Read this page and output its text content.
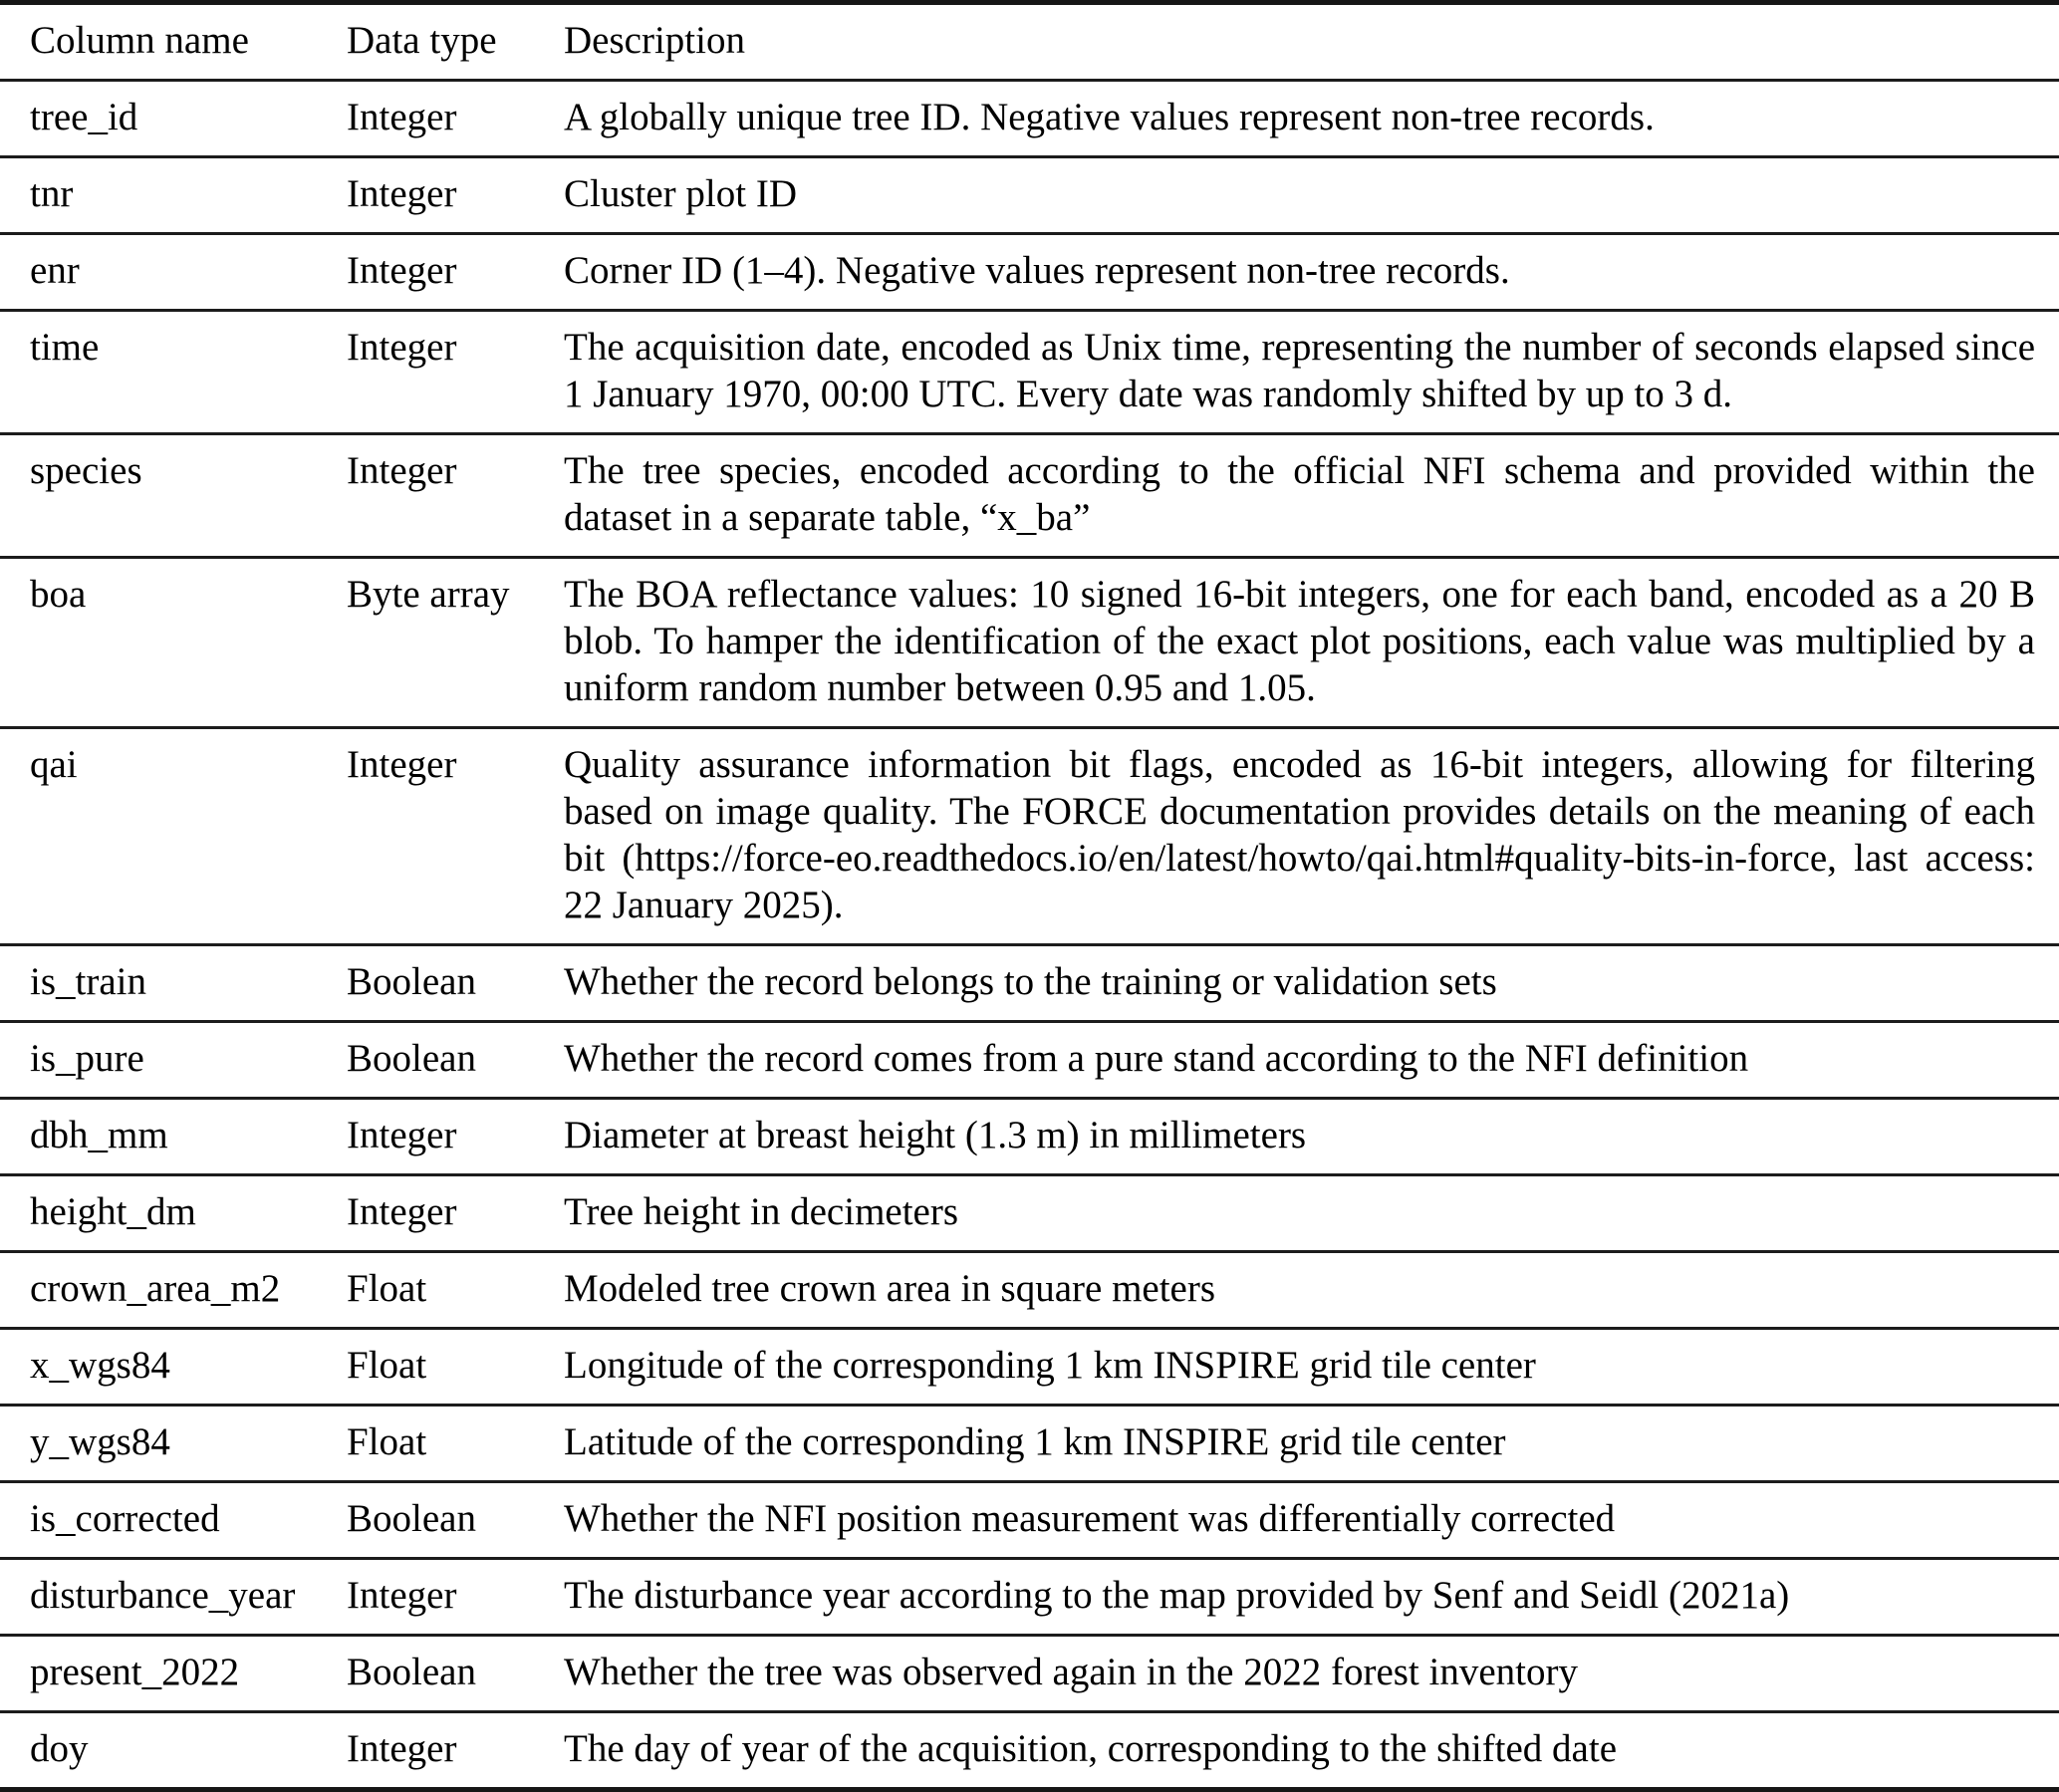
Column name	Data type	Description
tree_id	Integer	A globally unique tree ID. Negative values represent non-tree records.
tnr	Integer	Cluster plot ID
enr	Integer	Corner ID (1–4). Negative values represent non-tree records.
time	Integer	The acquisition date, encoded as Unix time, representing the number of seconds elapsed since 1 January 1970, 00:00 UTC. Every date was randomly shifted by up to 3 d.
species	Integer	The tree species, encoded according to the official NFI schema and provided within the dataset in a separate table, “x_ba”
boa	Byte array	The BOA reflectance values: 10 signed 16-bit integers, one for each band, encoded as a 20 B blob. To hamper the identification of the exact plot positions, each value was multiplied by a uniform random number between 0.95 and 1.05.
qai	Integer	Quality assurance information bit flags, encoded as 16-bit integers, allowing for filtering based on image quality. The FORCE documentation provides details on the meaning of each bit (https://force-eo.readthedocs.io/en/latest/howto/qai.html#quality-bits-in-force, last access: 22 January 2025).
is_train	Boolean	Whether the record belongs to the training or validation sets
is_pure	Boolean	Whether the record comes from a pure stand according to the NFI definition
dbh_mm	Integer	Diameter at breast height (1.3 m) in millimeters
height_dm	Integer	Tree height in decimeters
crown_area_m2	Float	Modeled tree crown area in square meters
x_wgs84	Float	Longitude of the corresponding 1 km INSPIRE grid tile center
y_wgs84	Float	Latitude of the corresponding 1 km INSPIRE grid tile center
is_corrected	Boolean	Whether the NFI position measurement was differentially corrected
disturbance_year	Integer	The disturbance year according to the map provided by Senf and Seidl (2021a)
present_2022	Boolean	Whether the tree was observed again in the 2022 forest inventory
doy	Integer	The day of year of the acquisition, corresponding to the shifted date
